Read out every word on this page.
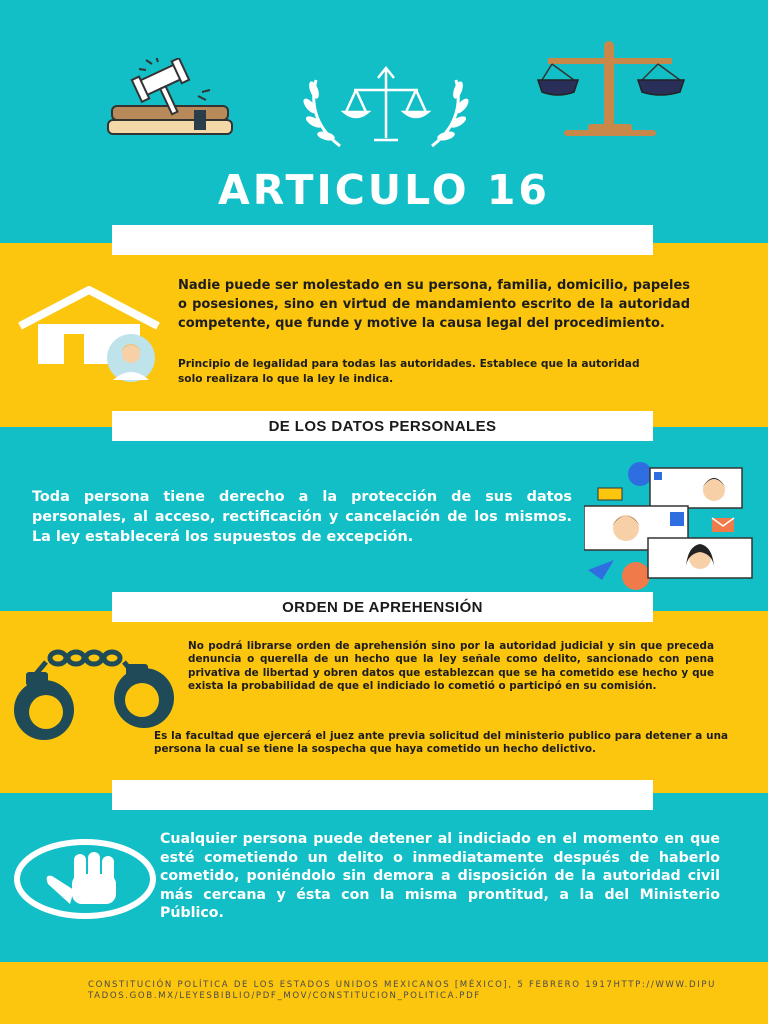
ARTICULO 16
Nadie puede ser molestado en su persona, familia, domicilio, papeles o posesiones, sino en virtud de mandamiento escrito de la autoridad competente, que funde y motive la causa legal del procedimiento.
Principio de legalidad para todas las autoridades. Establece que la autoridad solo realizara lo que la ley le indica.
DE LOS DATOS PERSONALES
Toda persona tiene derecho a la protección de sus datos personales, al acceso, rectificación y cancelación de los mismos. La ley establecerá los supuestos de excepción.
ORDEN DE APREHENSIÓN
No podrá librarse orden de aprehensión sino por la autoridad judicial y sin que preceda denuncia o querella de un hecho que la ley señale como delito, sancionado con pena privativa de libertad y obren datos que establezcan que se ha cometido ese hecho y que exista la probabilidad de que el indiciado lo cometió o participó en su comisión.
Es la facultad que ejercerá el juez ante previa solicitud del ministerio publico para detener a una persona la cual se tiene la sospecha que haya cometido un hecho delictivo.
Cualquier persona puede detener al indiciado en el momento en que esté cometiendo un delito o inmediatamente después de haberlo cometido, poniéndolo sin demora a disposición de la autoridad civil más cercana y ésta con la misma prontitud, a la del Ministerio Público.
CONSTITUCIÓN POLÍTICA DE LOS ESTADOS UNIDOS MEXICANOS [MÉXICO], 5 FEBRERO 1917HTTP://WWW.DIPUTADOS.GOB.MX/LEYESBIBLIO/PDF_MOV/CONSTITUCION_POLITICA.PDF
